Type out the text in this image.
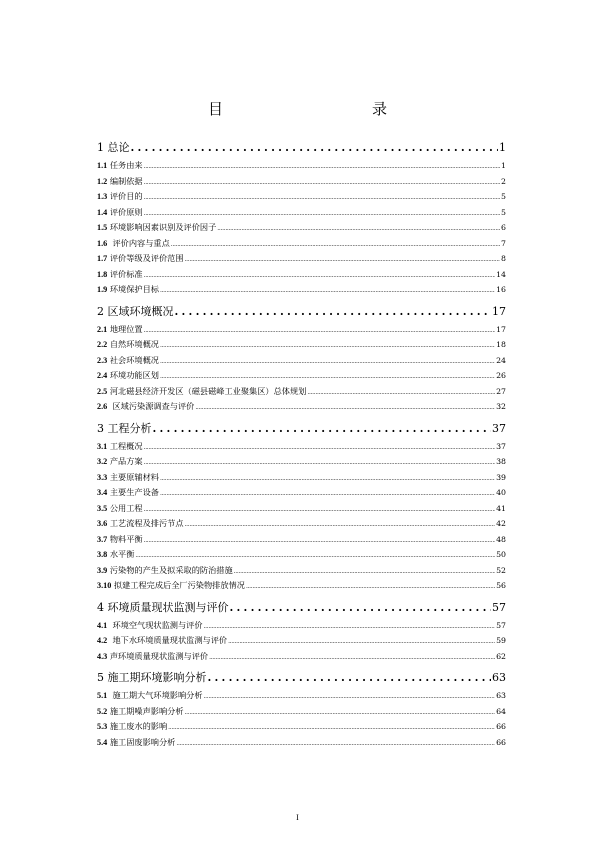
目    录
1 总论 .....	1
1.1 任务由来 .....	1
1.2 编制依据 .....	2
1.3 评价目的 .....	5
1.4 评价原则 .....	5
1.5 环境影响因素识别及评价因子 .....	6
1.6  评价内容与重点 .....	7
1.7 评价等级及评价范围 .....	8
1.8 评价标准 .....	14
1.9 环境保护目标 .....	16
2 区域环境概况 .....	17
2.1 地理位置 .....	17
2.2 自然环境概况 .....	18
2.3 社会环境概况 .....	24
2.4 环境功能区划 .....	26
2.5 河北磁县经济开发区（磁县磁峰工业聚集区）总体规划 .....	27
2.6  区域污染源调查与评价 .....	32
3 工程分析 .....	37
3.1 工程概况 .....	37
3.2 产品方案 .....	38
3.3 主要原辅材料 .....	39
3.4 主要生产设备 .....	40
3.5 公用工程 .....	41
3.6 工艺流程及排污节点 .....	42
3.7 物料平衡 .....	48
3.8 水平衡 .....	50
3.9 污染物的产生及拟采取的防治措施 .....	52
3.10 拟建工程完成后全厂污染物排放情况 .....	56
4 环境质量现状监测与评价 .....	57
4.1  环境空气现状监测与评价 .....	57
4.2  地下水环境质量现状监测与评价 .....	59
4.3 声环境质量现状监测与评价 .....	62
5 施工期环境影响分析 .....	63
5.1  施工期大气环境影响分析 .....	63
5.2 施工期噪声影响分析 .....	64
5.3 施工废水的影响 .....	66
5.4 施工固废影响分析 .....	66
I
